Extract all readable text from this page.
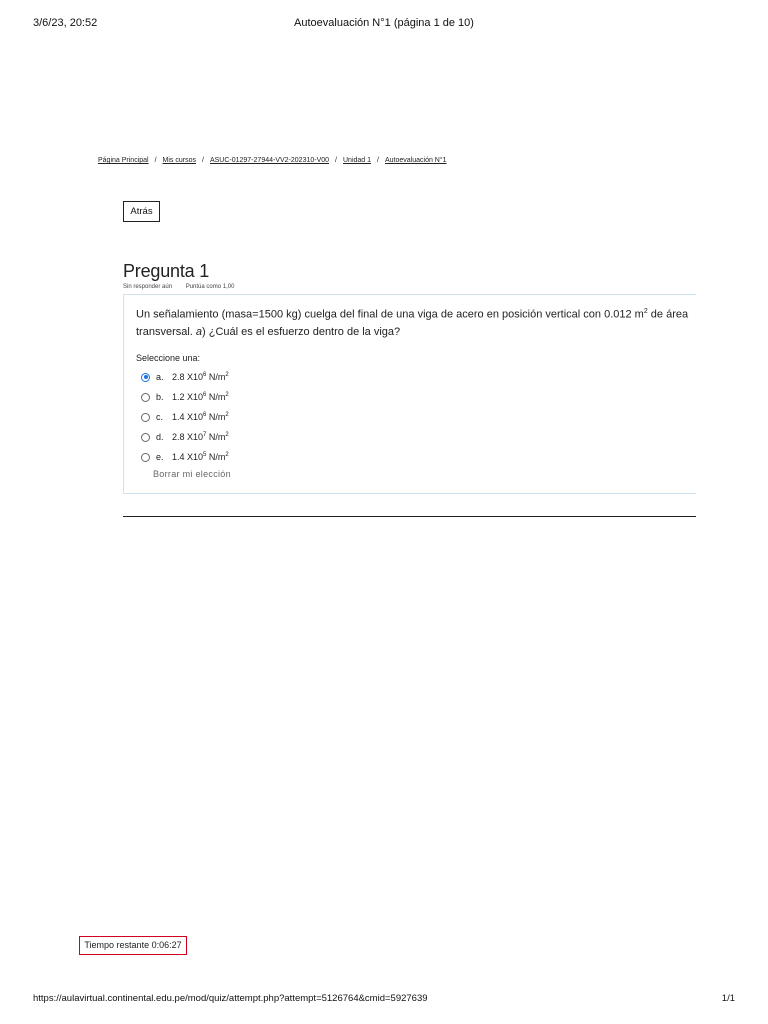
3/6/23, 20:52	Autoevaluación N°1 (página 1 de 10)
Página Principal / Mis cursos / ASUC-01297-27944-VV2-202310-V00 / Unidad 1 / Autoevaluación N°1
Atrás
Pregunta 1
Sin responder aún Puntúa como 1,00
Un señalamiento (masa=1500 kg) cuelga del final de una viga de acero en posición vertical con 0.012 $m^2$ de área transversal. a) ¿Cuál es el esfuerzo dentro de la viga?
Seleccione una:
a. 2.8 $X10^6$ $N/m^2$
b. 1.2 $X10^6$ $N/m^2$
c. 1.4 $X10^6$ $N/m^2$
d. 2.8 $X10^7$ $N/m^2$
e. 1.4 $X10^5$ $N/m^2$
Borrar mi elección
Tiempo restante 0:06:27
https://aulavirtual.continental.edu.pe/mod/quiz/attempt.php?attempt=5126764&cmid=5927639	1/1
